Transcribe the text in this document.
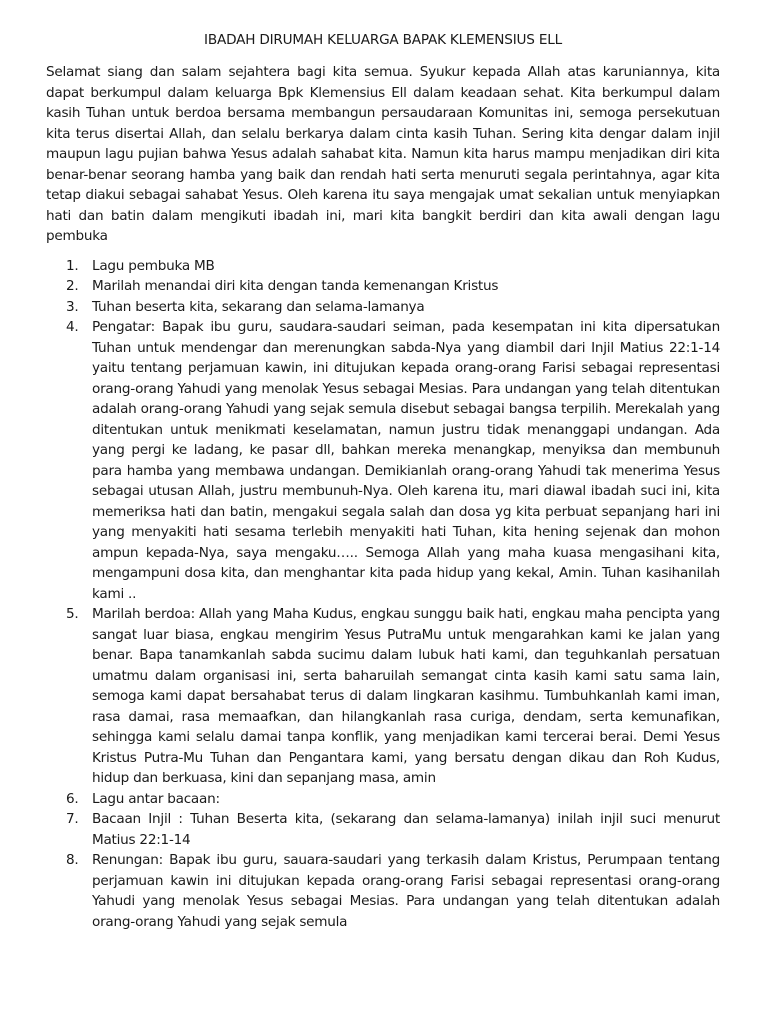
IBADAH DIRUMAH KELUARGA BAPAK KLEMENSIUS ELL

Selamat siang dan salam sejahtera bagi kita semua. Syukur kepada Allah atas karuniannya, kita dapat berkumpul dalam keluarga Bpk Klemensius Ell dalam keadaan sehat. Kita berkumpul dalam kasih Tuhan untuk berdoa bersama membangun persaudaraan Komunitas ini, semoga persekutuan kita terus disertai Allah, dan selalu berkarya dalam cinta kasih Tuhan. Sering kita dengar dalam injil maupun lagu pujian bahwa Yesus adalah sahabat kita. Namun kita harus mampu menjadikan diri kita benar-benar seorang hamba yang baik dan rendah hati serta menuruti segala perintahnya, agar kita tetap diakui sebagai sahabat Yesus. Oleh karena itu saya mengajak umat sekalian untuk menyiapkan hati dan batin dalam mengikuti ibadah ini, mari kita bangkit berdiri dan kita awali dengan lagu pembuka

1. Lagu pembuka MB
2. Marilah menandai diri kita dengan tanda kemenangan Kristus
3. Tuhan beserta kita, sekarang dan selama-lamanya
4. Pengatar: Bapak ibu guru, saudara-saudari seiman, pada kesempatan ini kita dipersatukan Tuhan untuk mendengar dan merenungkan sabda-Nya yang diambil dari Injil Matius 22:1-14 yaitu tentang perjamuan kawin, ini ditujukan kepada orang-orang Farisi sebagai representasi orang-orang Yahudi yang menolak Yesus sebagai Mesias. Para undangan yang telah ditentukan adalah orang-orang Yahudi yang sejak semula disebut sebagai bangsa terpilih. Merekalah yang ditentukan untuk menikmati keselamatan, namun justru tidak menanggapi undangan. Ada yang pergi ke ladang, ke pasar dll, bahkan mereka menangkap, menyiksa dan membunuh para hamba yang membawa undangan. Demikianlah orang-orang Yahudi tak menerima Yesus sebagai utusan Allah, justru membunuh-Nya. Oleh karena itu, mari diawal ibadah suci ini, kita memeriksa hati dan batin, mengakui segala salah dan dosa yg kita perbuat sepanjang hari ini yang menyakiti hati sesama terlebih menyakiti hati Tuhan, kita hening sejenak dan mohon ampun kepada-Nya, saya mengaku….. Semoga Allah yang maha kuasa mengasihani kita, mengampuni dosa kita, dan menghantar kita pada hidup yang kekal, Amin. Tuhan kasihanilah kami ..
5. Marilah berdoa: Allah yang Maha Kudus, engkau sunggu baik hati, engkau maha pencipta yang sangat luar biasa, engkau mengirim Yesus PutraMu untuk mengarahkan kami ke jalan yang benar. Bapa tanamkanlah sabda sucimu dalam lubuk hati kami, dan teguhkanlah persatuan umatmu dalam organisasi ini, serta baharuilah semangat cinta kasih kami satu sama lain, semoga kami dapat bersahabat terus di dalam lingkaran kasihmu. Tumbuhkanlah kami iman, rasa damai, rasa memaafkan, dan hilangkanlah rasa curiga, dendam, serta kemunafikan, sehingga kami selalu damai tanpa konflik, yang menjadikan kami tercerai berai. Demi Yesus Kristus Putra-Mu Tuhan dan Pengantara kami, yang bersatu dengan dikau dan Roh Kudus, hidup dan berkuasa, kini dan sepanjang masa, amin
6. Lagu antar bacaan:
7. Bacaan Injil : Tuhan Beserta kita, (sekarang dan selama-lamanya) inilah injil suci menurut Matius 22:1-14
8. Renungan: Bapak ibu guru, sauara-saudari yang terkasih dalam Kristus, Perumpaan tentang perjamuan kawin ini ditujukan kepada orang-orang Farisi sebagai representasi orang-orang Yahudi yang menolak Yesus sebagai Mesias. Para undangan yang telah ditentukan adalah orang-orang Yahudi yang sejak semula
